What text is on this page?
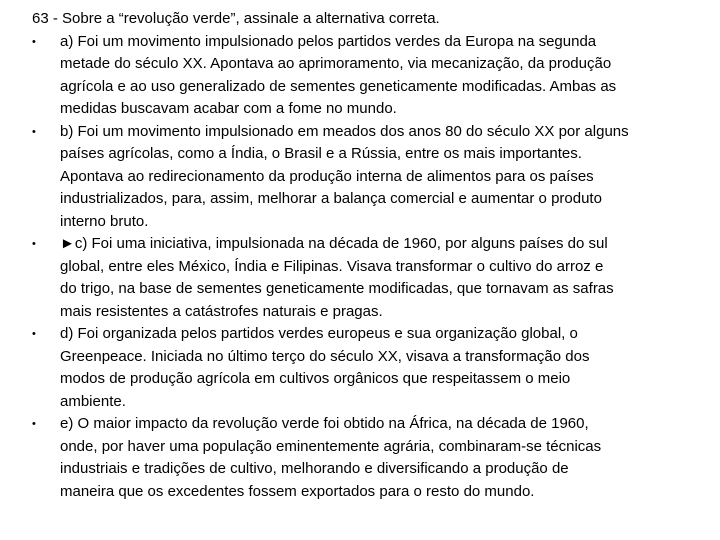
63 - Sobre a “revolução verde”, assinale a alternativa correta.

•	a) Foi um movimento impulsionado pelos partidos verdes da Europa na segunda
metade do século XX. Apontava ao aprimoramento, via mecanização, da produção
agrícola e ao uso generalizado de sementes geneticamente modificadas. Ambas as
medidas buscavam acabar com a fome no mundo.
•	b) Foi um movimento impulsionado em meados dos anos 80 do século XX por alguns
países agrícolas, como a Índia, o Brasil e a Rússia, entre os mais importantes.
Apontava ao redirecionamento da produção interna de alimentos para os países
industrializados, para, assim, melhorar a balança comercial e aumentar o produto
interno bruto.
•	►c) Foi uma iniciativa, impulsionada na década de 1960, por alguns países do sul
global, entre eles México, Índia e Filipinas. Visava transformar o cultivo do arroz e
do trigo, na base de sementes geneticamente modificadas, que tornavam as safras
mais resistentes a catástrofes naturais e pragas.
•	d) Foi organizada pelos partidos verdes europeus e sua organização global, o
Greenpeace. Iniciada no último terço do século XX, visava a transformação dos
modos de produção agrícola em cultivos orgânicos que respeitassem o meio
ambiente.
•	e) O maior impacto da revolução verde foi obtido na África, na década de 1960,
onde, por haver uma população eminentemente agrária, combinaram-se técnicas
industriais e tradições de cultivo, melhorando e diversificando a produção de
maneira que os excedentes fossem exportados para o resto do mundo.
